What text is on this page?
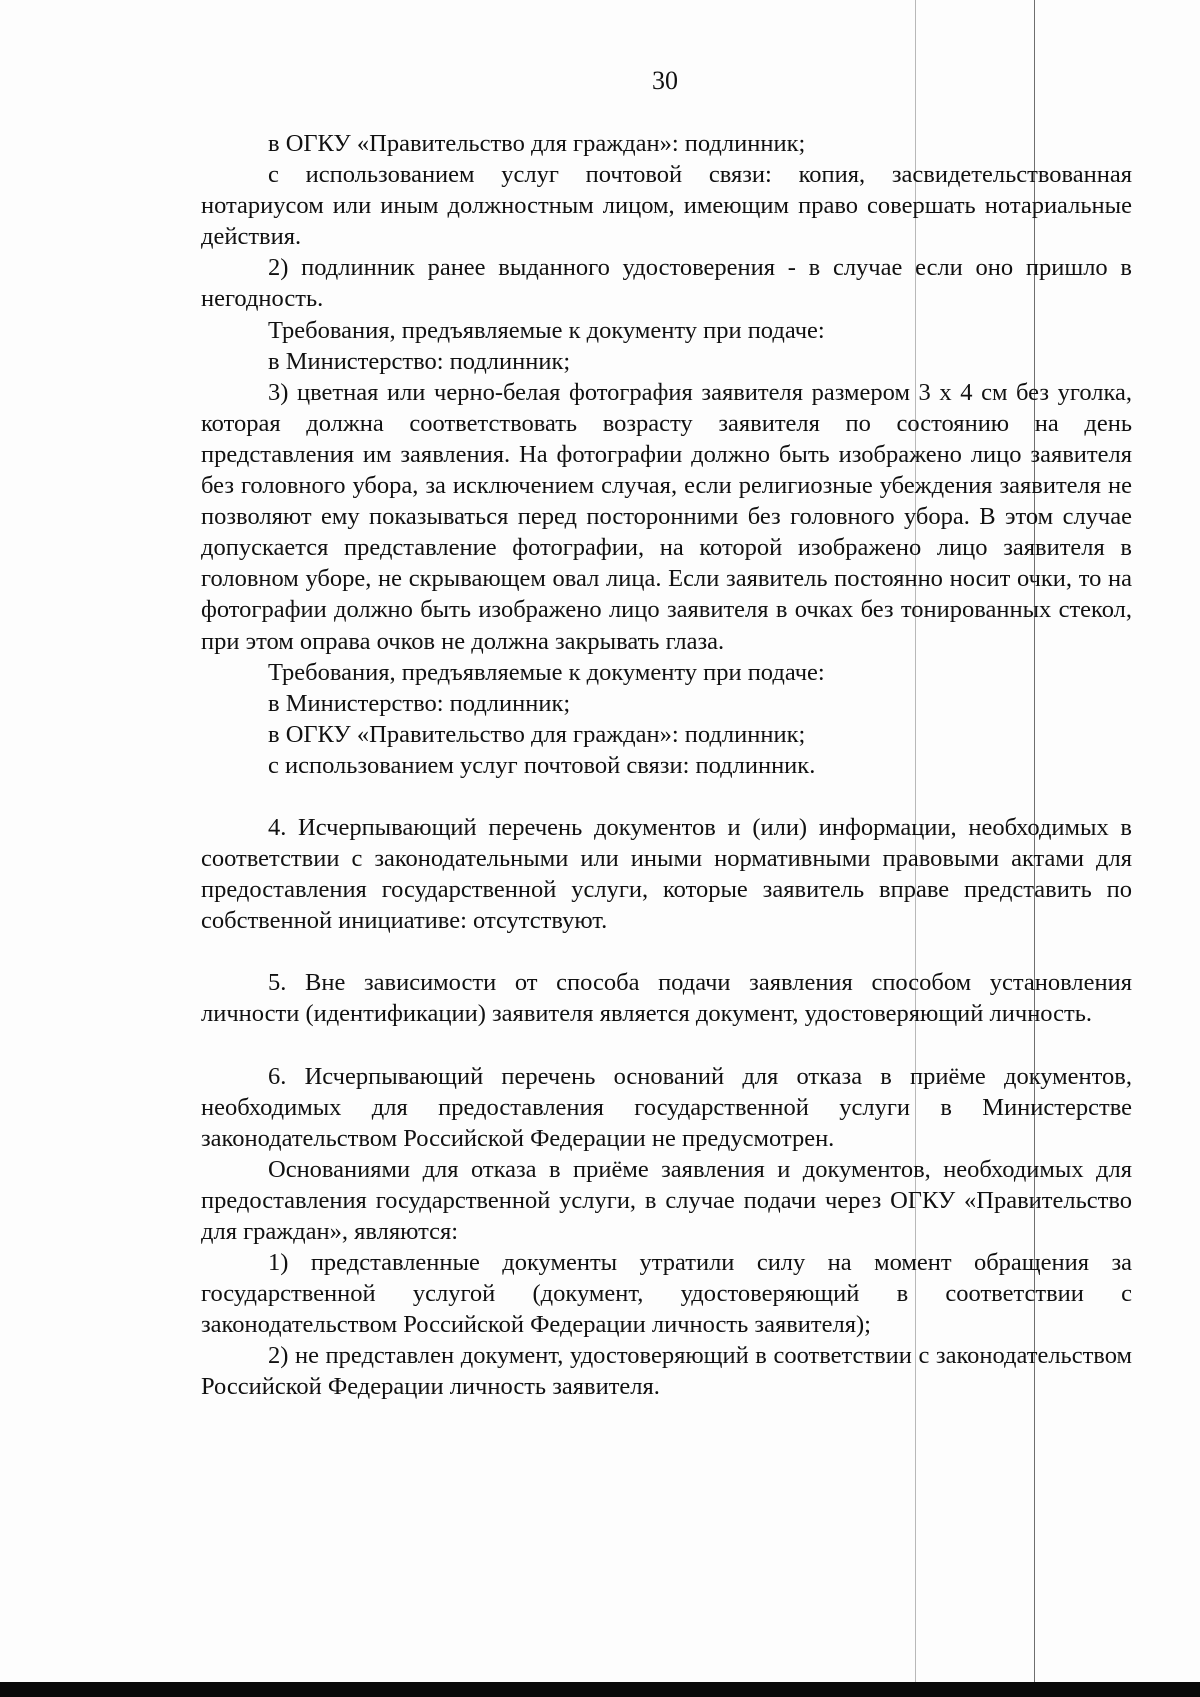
30

в ОГКУ «Правительство для граждан»: подлинник;

с использованием услуг почтовой связи: копия, засвидетельствованная нотариусом или иным должностным лицом, имеющим право совершать нотариальные действия.

2) подлинник ранее выданного удостоверения - в случае если оно пришло в негодность.

Требования, предъявляемые к документу при подаче:

в Министерство: подлинник;

3) цветная или черно-белая фотография заявителя размером 3 х 4 см без уголка, которая должна соответствовать возрасту заявителя по состоянию на день представления им заявления. На фотографии должно быть изображено лицо заявителя без головного убора, за исключением случая, если религиозные убеждения заявителя не позволяют ему показываться перед посторонними без головного убора. В этом случае допускается представление фотографии, на которой изображено лицо заявителя в головном уборе, не скрывающем овал лица. Если заявитель постоянно носит очки, то на фотографии должно быть изображено лицо заявителя в очках без тонированных стекол, при этом оправа очков не должна закрывать глаза.

Требования, предъявляемые к документу при подаче:

в Министерство: подлинник;

в ОГКУ «Правительство для граждан»: подлинник;

с использованием услуг почтовой связи: подлинник.

4. Исчерпывающий перечень документов и (или) информации, необходимых в соответствии с законодательными или иными нормативными правовыми актами для предоставления государственной услуги, которые заявитель вправе представить по собственной инициативе: отсутствуют.

5. Вне зависимости от способа подачи заявления способом установления личности (идентификации) заявителя является документ, удостоверяющий личность.

6. Исчерпывающий перечень оснований для отказа в приёме документов, необходимых для предоставления государственной услуги в Министерстве законодательством Российской Федерации не предусмотрен.

Основаниями для отказа в приёме заявления и документов, необходимых для предоставления государственной услуги, в случае подачи через ОГКУ «Правительство для граждан», являются:

1) представленные документы утратили силу на момент обращения за государственной услугой (документ, удостоверяющий в соответствии с законодательством Российской Федерации личность заявителя);

2) не представлен документ, удостоверяющий в соответствии с законодательством Российской Федерации личность заявителя.
